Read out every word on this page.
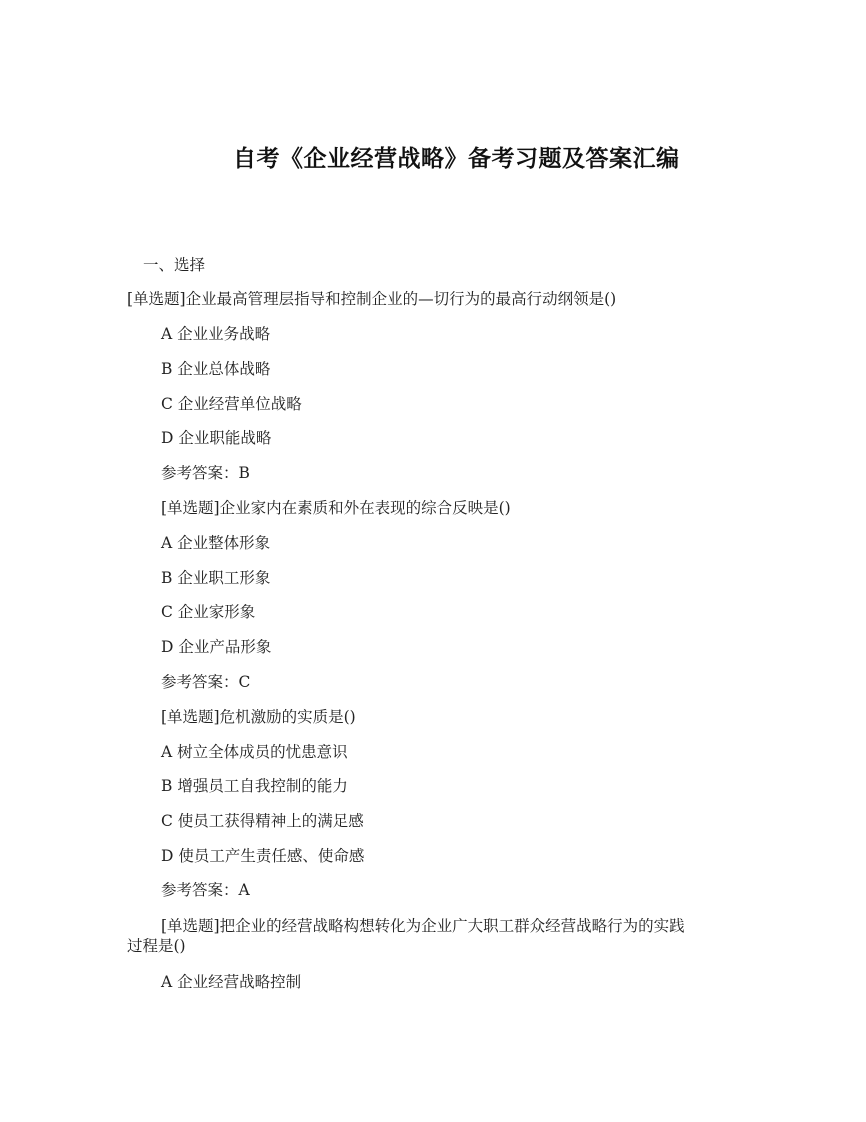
自考《企业经营战略》备考习题及答案汇编
一、选择
[单选题]企业最高管理层指导和控制企业的—切行为的最高行动纲领是()
A 企业业务战略
B 企业总体战略
C 企业经营单位战略
D 企业职能战略
参考答案：B
[单选题]企业家内在素质和外在表现的综合反映是()
A 企业整体形象
B 企业职工形象
C 企业家形象
D 企业产品形象
参考答案：C
[单选题]危机激励的实质是()
A 树立全体成员的忧患意识
B 增强员工自我控制的能力
C 使员工获得精神上的满足感
D 使员工产生责任感、使命感
参考答案：A
[单选题]把企业的经营战略构想转化为企业广大职工群众经营战略行为的实践
过程是()
A 企业经营战略控制
